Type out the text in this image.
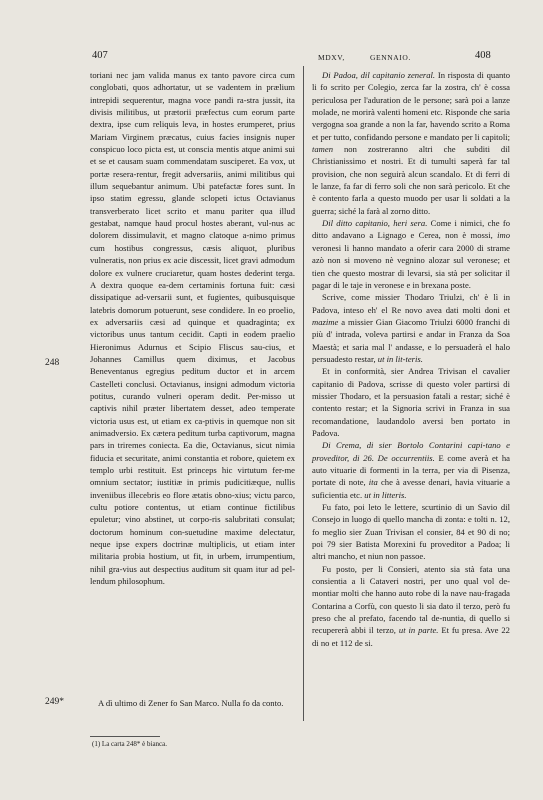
407	MDXV,	GENNAIO.	408
248
249*

toriani nec jam valida manus ex tanto pavore circa cum conglobati, quos adhortatur, ut se vadentem in prælium intrepidi sequerentur, magna voce pandi ra-stra jussit, ita divisis militibus, ut prætorii præfectus cum eorum parte dextra, ipse cum reliquis leva, in hostes erumperet, prius Mariam Virginem præcatus, cuius facies insignis nuper conspicuo loco picta est, ut conscia mentis atque animi sui et se et causam suam commendatam susciperet. Ea vox, ut portæ resera-rentur, fregit adversariis, animi militibus qui illum sequebantur animum. Ubi patefactæ fores sunt. In ipso statim egressu, glande sclopeti ictus Octavianus transverberato licet scrito et manu pariter qua illud gestabat, namque haud procul hostes aberant, vul-nus ac dolorem dissimulavit, et magno clatoque a-nimo primus cum hostibus congressus, cæsis aliquot, pluribus vulneratis, non prius ex acie discessit, licet gravi admodum dolore ex vulnere cruciaretur, quam hostes dederint terga. A dextra quoque ea-dem certaminis fortuna fuit: cæsi dissipatique ad-versarii sunt, et fugientes, quibusquisque latebris domorum potuerunt, sese condidere. In eo proelio, ex adversariis cæsi ad quinque et quadraginta; ex victoribus unus tantum cecidit. Capti in eodem praelio Hieronimus Adurnus et Scipio Fliscus sau-cius, et Johannes Camillus quem diximus, et Jacobus Beneventanus egregius peditum ductor et in arcem Castelleti conclusi. Octavianus, insigni admodum victoria potitus, curando vulneri operam dedit. Per-misso ut captivis nihil præter libertatem desset, adeo temperate victoria usus est, ut etiam ex ca-ptivis in quemque non sit animadversio. Ex cætera peditum turba captivorum, magna pars in triremes coniecta. Ea die, Octavianus, sicut nimia fiducia et securitate, animi constantia et robore, quietem ex templo urbi restituit. Est princeps hic virtutum fer-me omnium sectator; iustitiæ in primis pudicitiæque, nullis inveniibus illecebris eo flore ætatis obno-xius; victu parco, cultu potiore contentus, ut etiam continue fictilibus epuletur; vino abstinet, ut corpo-ris salubritati consulat; doctorum hominum con-suetudine maxime delectatur, neque ipse expers doctrinæ multiplicis, ut etiam inter militaria probia hostium, ut fit, in urbem, irrumpentium, nihil gra-vius aut despectius auditum sit quam itur ad pel-lendum philosophum.

A dì ultimo di Zener fo San Marco. Nulla fo da conto.
(1) La carta 248* è bianca.

Di Padoa, dil capitanio zeneral. In risposta di quanto li fo scrito per Colegio, zerca far la zostra, ch' è cossa periculosa per l'aduration de le persone; sarà poi a lanze molade, ne morirà valenti homeni etc. Risponde che saria vergogna soa grande a non la far, havendo scrito a Roma et per tutto, confidando persone e mandato per li capitoli; tamen non zostreranno altri che subditi dil Christianissimo et nostri. Et di tumulti saperà far tal provision, che non seguirà alcun scandalo. Et di ferri di le lanze, fa far di ferro soli che non sarà pericolo. Et che è contento farla a questo muodo per usar li soldati a la guerra; siché la farà al zorno ditto.

Dil ditto capitanio, heri sera. Come i nimici, che fo ditto andavano a Lignago e Cerea, non è mossi, imo veronesi li hanno mandato a oferir cara 2000 di strame azò non si moveno nè vegnino alozar sul veronese; et tien che questo mostrar di levarsi, sia stà per solicitar il pagar di le taje in veronese e in brexana poste.

Scrive, come missier Thodaro Triulzi, ch' è lì in Padova, inteso eh' el Re novo avea dati molti doni et mazime a missier Gian Giacomo Triulzi 6000 franchi di più d' intrada, voleva partirsi e andar in Franza da Soa Maestà; et saria mal l' andasse, e lo persuaderà el halo persuadesto restar, ut in lit-teris.

Et in conformità, sier Andrea Trivisan el cavalier capitanio di Padova, scrisse di questo voler partirsi di missier Thodaro, et la persuasion fatali a restar; siché è contento restar; et la Signoria scrivi in Franza in sua recomandatione, laudandolo aversi ben portato in Padova.

Di Crema, di sier Bortolo Contarini capi-tano e proveditor, di 26. De occurrentiis. E come averà et ha auto vituarie di formenti in la terra, per via di Pisenza, portate di note, ita che à avesse denari, havia vituarie a suficientia etc. ut in litteris.

Fu fato, poi leto le lettere, scurtinio di un Savio dil Consejo in luogo di quello mancha di zonta: e tolti n. 12, fo meglio sier Zuan Trivisan el consier, 84 et 90 di no; poi 79 sier Batista Morexini fu proveditor a Padoa; li altri mancho, et niun non passoe.

Fu posto, per li Consieri, atento sia stà fata una consientia a li Cataveri nostri, per uno qual vol de-montiar molti che hanno auto robe di la nave nau-fragada Contarina a Corfù, con questo li sia dato il terzo, però fu preso che al prefato, facendo tal de-nuntia, di quello si recupererà abbi il terzo, ut in parte. Et fu presa. Ave 22 di no et 112 de si.
